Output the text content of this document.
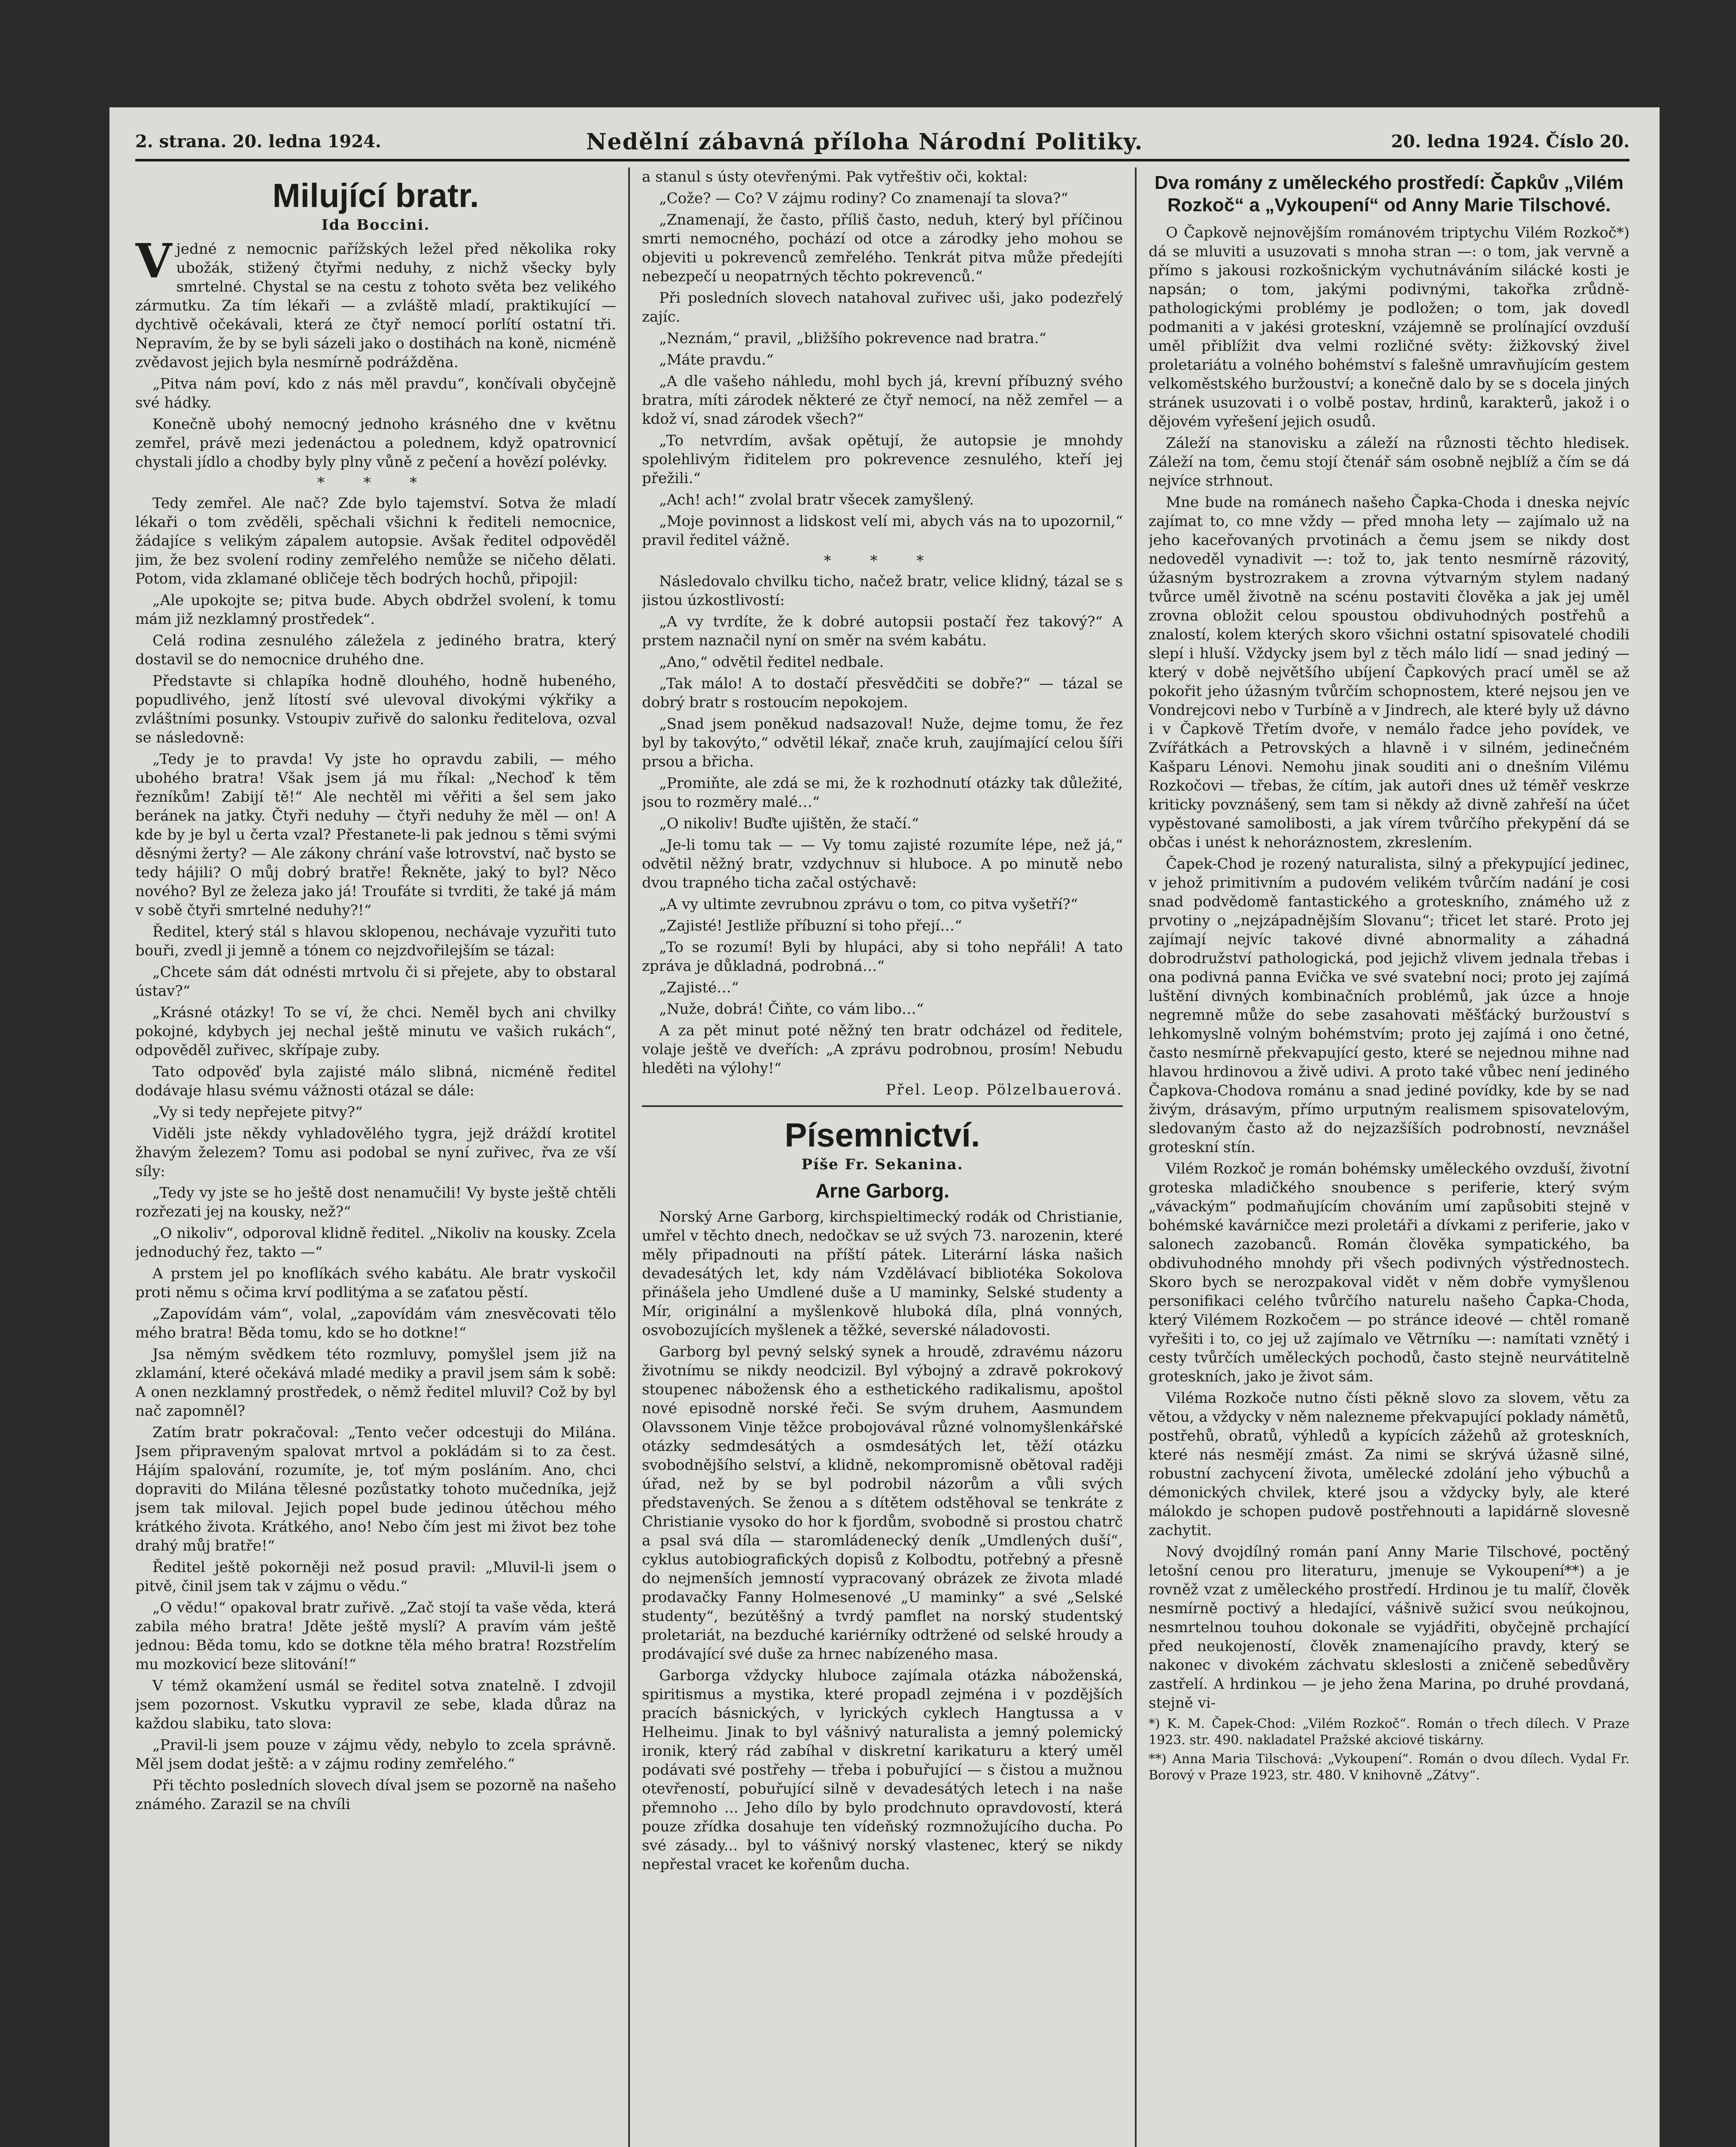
2. strana. 20. ledna 1924.	Nedělní zábavná příloha Národní Politiky.	20. ledna 1924. Číslo 20.
Milující bratr.
Ida Boccini.

Vjedné z nemocnic pařížských ležel před několika roky ubožák, stižený čtyřmi neduhy, z nichž všecky byly smrtelné. Chystal se na cestu z tohoto světa bez velikého zármutku. Za tím lékaři — a zvláště mladí, praktikující — dychtivě očekávali, která ze čtyř nemocí porlítí ostatní tři. Nepravím, že by se byli sázeli jako o dostihách na koně, nicméně zvědavost jejich byla nesmírně podrážděna.

„Pitva nám poví, kdo z nás měl pravdu“, končívali obyčejně své hádky.

Konečně ubohý nemocný jednoho krásného dne v květnu zemřel, právě mezi jedenáctou a polednem, když opatrovnicí chystali jídlo a chodby byly plny vůně z pečení a hovězí polévky.

* * *

Tedy zemřel. Ale nač? Zde bylo tajemství. Sotva že mladí lékaři o tom zvěděli, spěchali všichni k řediteli nemocnice, žádajíce s velikým zápalem autopsie. Avšak ředitel odpověděl jim, že bez svolení rodiny zemřelého nemůže se ničeho dělati. Potom, vida zklamané obličeje těch bodrých hochů, připojil:

„Ale upokojte se; pitva bude. Abych obdržel svolení, k tomu mám již nezklamný prostředek“.

Celá rodina zesnulého záležela z jediného bratra, který dostavil se do nemocnice druhého dne.

Představte si chlapíka hodně dlouhého, hodně hubeného, popudlivého, jenž lítostí své ulevoval divokými výkřiky a zvláštními posunky. Vstoupiv zuřivě do salonku ředitelova, ozval se následovně:

„Tedy je to pravda! Vy jste ho opravdu zabili, — mého ubohého bratra! Však jsem já mu říkal: „Nechoď k těm řezníkům! Zabijí tě!“ Ale nechtěl mi věřiti a šel sem jako beránek na jatky. Čtyři neduhy — čtyři neduhy že měl — on! A kde by je byl u čerta vzal? Přestanete-li pak jednou s těmi svými děsnými žerty? — Ale zákony chrání vaše ŀotrovství, nač bysto se tedy hájili? O můj dobrý bratře! Řekněte, jaký to byl? Něco nového? Byl ze železa jako já! Troufáte si tvrditi, že také já mám v sobě čtyři smrtelné neduhy?!“

Ředitel, který stál s hlavou sklopenou, nechávaje vyzuřiti tuto bouři, zvedl ji jemně a tónem co nejzdvořilejším se tázal:

„Chcete sám dát odnésti mrtvolu či si přejete, aby to obstaral ústav?“

„Krásné otázky! To se ví, že chci. Neměl bych ani chvilky pokojné, kdybych jej nechal ještě minutu ve vašich rukách“, odpověděl zuřivec, skřípaje zuby.

Tato odpověď byla zajisté málo slibná, nicméně ředitel dodávaje hlasu svému vážnosti otázal se dále:

„Vy si tedy nepřejete pitvy?“

Viděli jste někdy vyhladovělého tygra, jejž dráždí krotitel žhavým železem? Tomu asi podobal se nyní zuřivec, řva ze vší síly:

„Tedy vy jste se ho ještě dost nenamučili! Vy byste ještě chtěli rozřezati jej na kousky, než?“

„O nikoliv“, odporoval klidně ředitel. „Nikoliv na kousky. Zcela jednoduchý řez, takto —“

A prstem jel po knoflíkách svého kabátu. Ale bratr vyskočil proti němu s očima krví podlitýma a se zaťatou pěstí.

„Zapovídám vám“, volal, „zapovídám vám znesvěcovati tělo mého bratra! Běda tomu, kdo se ho dotkne!“

Jsa němým svědkem této rozmluvy, pomyšlel jsem již na zklamání, které očekává mladé mediky a pravil jsem sám k sobě: A onen nezklamný prostředek, o němž ředitel mluvil? Což by byl nač zapomněl?

Zatím bratr pokračoval: „Tento večer odcestuji do Milána. Jsem připraveným spalovat mrtvol a pokládám si to za čest. Hájím spalování, rozumíte, je, toť mým posláním. Ano, chci dopraviti do Milána tělesné pozůstatky tohoto mučedníka, jejž jsem tak miloval. Jejich popel bude jedinou útěchou mého krátkého života. Krátkého, ano! Nebo čím jest mi život bez tohe drahý můj bratře!“

Ředitel ještě pokorněji než posud pravil: „Mluvil-li jsem o pitvě, činil jsem tak v zájmu o vědu.“

„O vědu!“ opakoval bratr zuřivě. „Zač stojí ta vaše věda, která zabila mého bratra! Jděte ještě myslí? A pravím vám ještě jednou: Běda tomu, kdo se dotkne těla mého bratra! Rozstřelím mu mozkovicí beze slitování!“

V témž okamžení usmál se ředitel sotva znatelně. I zdvojil jsem pozornost. Vskutku vypravil ze sebe, klada důraz na každou slabiku, tato slova:

„Pravil-li jsem pouze v zájmu vědy, nebylo to zcela správně. Měl jsem dodat ještě: a v zájmu rodiny zemřelého.“

Při těchto posledních slovech díval jsem se pozorně na našeho známého. Zarazil se na chvíli

a stanul s ústy otevřenými. Pak vytřeštiv oči, koktal:

„Cože? — Co? V zájmu rodiny? Co znamenají ta slova?“

„Znamenají, že často, příliš často, neduh, který byl příčinou smrti nemocného, pochází od otce a zárodky jeho mohou se objeviti u pokrevenců zemřelého. Tenkrát pitva může předejíti nebezpečí u neopatrných těchto pokrevenců.“

Při posledních slovech natahoval zuřivec uši, jako podezřelý zajíc.

„Neznám,“ pravil, „bližšího pokrevence nad bratra.“

„Máte pravdu.“

„A dle vašeho náhledu, mohl bych já, krevní příbuzný svého bratra, míti zárodek některé ze čtyř nemocí, na něž zemřel — a kdož ví, snad zárodek všech?“

„To netvrdím, avšak opětují, že autopsie je mnohdy spolehlivým řiditelem pro pokrevence zesnulého, kteří jej přežili.“

„Ach! ach!“ zvolal bratr všecek zamyšlený.

„Moje povinnost a lidskost velí mi, abych vás na to upozornil,“ pravil ředitel vážně.

* * *

Následovalo chvilku ticho, načež bratr, velice klidný, tázal se s jistou úzkostlivostí:

„A vy tvrdíte, že k dobré autopsii postačí řez takový?“ A prstem naznačil nyní on směr na svém kabátu.

„Ano,“ odvětil ředitel nedbale.

„Tak málo! A to dostačí přesvědčiti se dobře?“ — tázal se dobrý bratr s rostoucím nepokojem.

„Snad jsem poněkud nadsazoval! Nuže, dejme tomu, že řez byl by takovýto,“ odvětil lékař, znače kruh, zaujímající celou šíři prsou a břicha.

„Promiňte, ale zdá se mi, že k rozhodnutí otázky tak důležité, jsou to rozměry malé…“

„O nikoliv! Buďte ujištěn, že stačí.“

„Je-li tomu tak — — Vy tomu zajisté rozumíte lépe, než já,“ odvětil něžný bratr, vzdychnuv si hluboce. A po minutě nebo dvou trapného ticha začal ostýchavě:

„A vy ultimte zevrubnou zprávu o tom, co pitva vyšetří?“

„Zajisté! Jestliže příbuzní si toho přejí…“

„To se rozumí! Byli by hlupáci, aby si toho nepřáli! A tato zpráva je důkladná, podrobná…“

„Zajisté…“

„Nuže, dobrá! Čiňte, co vám libo…“

A za pět minut poté něžný ten bratr odcházel od ředitele, volaje ještě ve dveřích: „A zprávu podrobnou, prosím! Nebudu hleděti na výlohy!“

Přel. Leop. Pölzelbauerová.

Písemnictví.
Píše Fr. Sekanina.
Arne Garborg.

Norský Arne Garborg, kirchspieltimecký rodák od Christianie, umřel v těchto dnech, nedočkav se už svých 73. narozenin, které měly připadnouti na příští pátek. Literární láska našich devadesátých let, kdy nám Vzdělávací bibliotéka Sokolova přinášela jeho Umdlené duše a U maminky, Selské studenty a Mír, originální a myšlenkově hluboká díla, plná vonných, osvobozujících myšlenek a těžké, severské náladovosti.

Garborg byl pevný selský synek a hroudě, zdravému názoru životnímu se nikdy neodcizil. Byl výbojný a zdravě pokrokový stoupenec nábožensk ého a esthetického radikalismu, apoštol nové episodně norské řeči. Se svým druhem, Aasmundem Olavssonem Vinje těžce probojovával různé volnomyšlenkářské otázky sedmdesátých a osmdesátých let, těží otázku svobodnějšího selství, a klidně, nekompromisně obětoval raději úřad, než by se byl podrobil názorům a vůli svých představených. Se ženou a s dítětem odstěhoval se tenkráte z Christianie vysoko do hor k fjordům, svobodně si prostou chatrč a psal svá díla — staromládenecký deník „Umdlených duší“, cyklus autobiografických dopisů z Kolbodtu, potřebný a přesně do nejmenších jemností vypracovaný obrázek ze života mladé prodavačky Fanny Holmesenové „U maminky“ a své „Selské studenty“, bezútěšný a tvrdý pamflet na norský studentský proletariát, na bezduché kariérníky odtržené od selské hroudy a prodávající své duše za hrnec nabízeného masa.

Garborga vždycky hluboce zajímala otázka náboženská, spiritismus a mystika, které propadl zejména i v pozdějších pracích básnických, v lyrických cyklech Hangtussa a v Helheimu. Jinak to byl vášnivý naturalista a jemný polemický ironik, který rád zabíhal v diskretní karikaturu a který uměl podávati své postřehy — třeba i pobuřující — s čistou a mužnou otevřeností, pobuřující silně v devadesátých letech i na naše přemnoho ... Jeho dílo by bylo prodchnuto opravdovostí, která pouze zřídka dosahuje ten vídeňský rozmnožujícího ducha. Po své zásady... byl to vášnivý norský vlastenec, který se nikdy nepřestal vracet ke kořenům ducha.

Dva romány z uměleckého prostředí: Čapkův „Vilém Rozkoč“ a „Vykoupení“ od Anny Marie Tilschové.

O Čapkově nejnovějším románovém triptychu Vilém Rozkoč*) dá se mluviti a usuzovati s mnoha stran —: o tom, jak vervně a přímo s jakousi rozkošnickým vychutnáváním silácké kosti je napsán; o tom, jakými podivnými, takořka zrůdně-pathologickými problémy je podložen; o tom, jak dovedl podmaniti a v jakési groteskní, vzájemně se prolínající ovzduší uměl přiblížit dva velmi rozličné světy: žižkovský živel proletariátu a volného bohémství s falešně umravňujícím gestem velkoměstského buržouství; a konečně dalo by se s docela jiných stránek usuzovati i o volbě postav, hrdinů, karakterů, jakož i o dějovém vyřešení jejich osudů.

Záleží na stanovisku a záleží na různosti těchto hledisek. Záleží na tom, čemu stojí čtenář sám osobně nejblíž a čím se dá nejvíce strhnout.

Mne bude na románech našeho Čapka-Choda i dneska nejvíc zajímat to, co mne vždy — před mnoha lety — zajímalo už na jeho kaceřovaných prvotinách a čemu jsem se nikdy dost nedoveděl vynadivit —: tož to, jak tento nesmírně rázovitý, úžasným bystrozrakem a zrovna výtvarným stylem nadaný tvůrce uměl životně na scénu postaviti člověka a jak jej uměl zrovna obložit celou spoustou obdivuhodných postřehů a znalostí, kolem kterých skoro všichni ostatní spisovatelé chodili slepí i hluší. Vždycky jsem byl z těch málo lidí — snad jediný — který v době největšího ubíjení Čapkových prací uměl se až pokořit jeho úžasným tvůrčím schopnostem, které nejsou jen ve Vondrejcovi nebo v Turbíně a v Jindrech, ale které byly už dávno i v Čapkově Třetím dvoře, v nemálo řadce jeho povídek, ve Zvířátkách a Petrovských a hlavně i v silném, jedinečném Kašparu Lénovi. Nemohu jinak souditi ani o dnešním Vilému Rozkočovi — třebas, že cítím, jak autoři dnes už téměř veskrze kriticky povznášený, sem tam si někdy až divně zahřeší na účet vypěstované samolibosti, a jak vírem tvůrčího překypění dá se občas i unést k nehoráznostem, zkreslením.

Čapek-Chod je rozený naturalista, silný a překypující jedinec, v jehož primitivním a pudovém velikém tvůrčím nadání je cosi snad podvědomě fantastického a groteskního, známého už z prvotiny o „nejzápadnějším Slovanu“; třicet let staré. Proto jej zajímají nejvíc takové divné abnormality a záhadná dobrodružství pathologická, pod jejichž vlivem jednala třebas i ona podivná panna Evička ve své svatební noci; proto jej zajímá luštění divných kombinačních problémů, jak úzce a hnoje negremně může do sebe zasahovati měšťácký buržouství s lehkomyslně volným bohémstvím; proto jej zajímá i ono četné, často nesmírně překvapující gesto, které se nejednou mihne nad hlavou hrdinovou a živě udivi. A proto také vůbec není jediného Čapkova-Chodova románu a snad jediné povídky, kde by se nad živým, drásavým, přímo urputným realismem spisovatelovým, sledovaným často až do nejzazšíších podrobností, nevznášel groteskní stín.

Vilém Rozkoč je román bohémsky uměleckého ovzduší, životní groteska mladičkého snoubence s periferie, který svým „vávackým“ podmaňujícím chováním umí zapůsobiti stejně v bohémské kavárničce mezi proletáři a dívkami z periferie, jako v salonech zazobanců. Román člověka sympatického, ba obdivuhodného mnohdy při všech podivných výstřednostech. Skoro bych se nerozpakoval vidět v něm dobře vymyšlenou personifikaci celého tvůrčího naturelu našeho Čapka-Choda, který Vilémem Rozkočem — po stránce ideové — chtěl romaně vyřešiti i to, co jej už zajímalo ve Větrníku —: namítati vznětý i cesty tvůrčích uměleckých pochodů, často stejně neurvátitelně groteskních, jako je život sám.

Viléma Rozkoče nutno čísti pěkně slovo za slovem, větu za větou, a vždycky v něm nalezneme překvapující poklady námětů, postřehů, obratů, výhledů a kypících zážehů až groteskních, které nás nesmějí zmást. Za nimi se skrývá úžasně silné, robustní zachycení života, umělecké zdolání jeho výbuchů a démonických chvilek, které jsou a vždycky byly, ale které málokdo je schopen pudově postřehnouti a lapidárně slovesně zachytit.

Nový dvojdílný román paní Anny Marie Tilschové, poctěný letošní cenou pro literaturu, jmenuje se Vykoupení**) a je rovněž vzat z uměleckého prostředí. Hrdinou je tu malíř, člověk nesmírně poctivý a hledající, vášnivě sužicí svou neúkojnou, nesmrtelnou touhou dokonale se vyjádřiti, obyčejně prchající před neukojeností, člověk znamenajícího pravdy, který se nakonec v divokém záchvatu skleslosti a zničeně sebedůvěry zastřelí. A hrdinkou — je jeho žena Marina, po druhé provdaná, stejně vi-

*) K. M. Čapek-Chod: „Vilém Rozkoč“. Román o třech dílech. V Praze 1923. str. 490. nakladatel Pražské akciové tiskárny.

**) Anna Maria Tilschová: „Vykoupení“. Román o dvou dílech. Vydal Fr. Borový v Praze 1923, str. 480. V knihovně „Zátvy“.
